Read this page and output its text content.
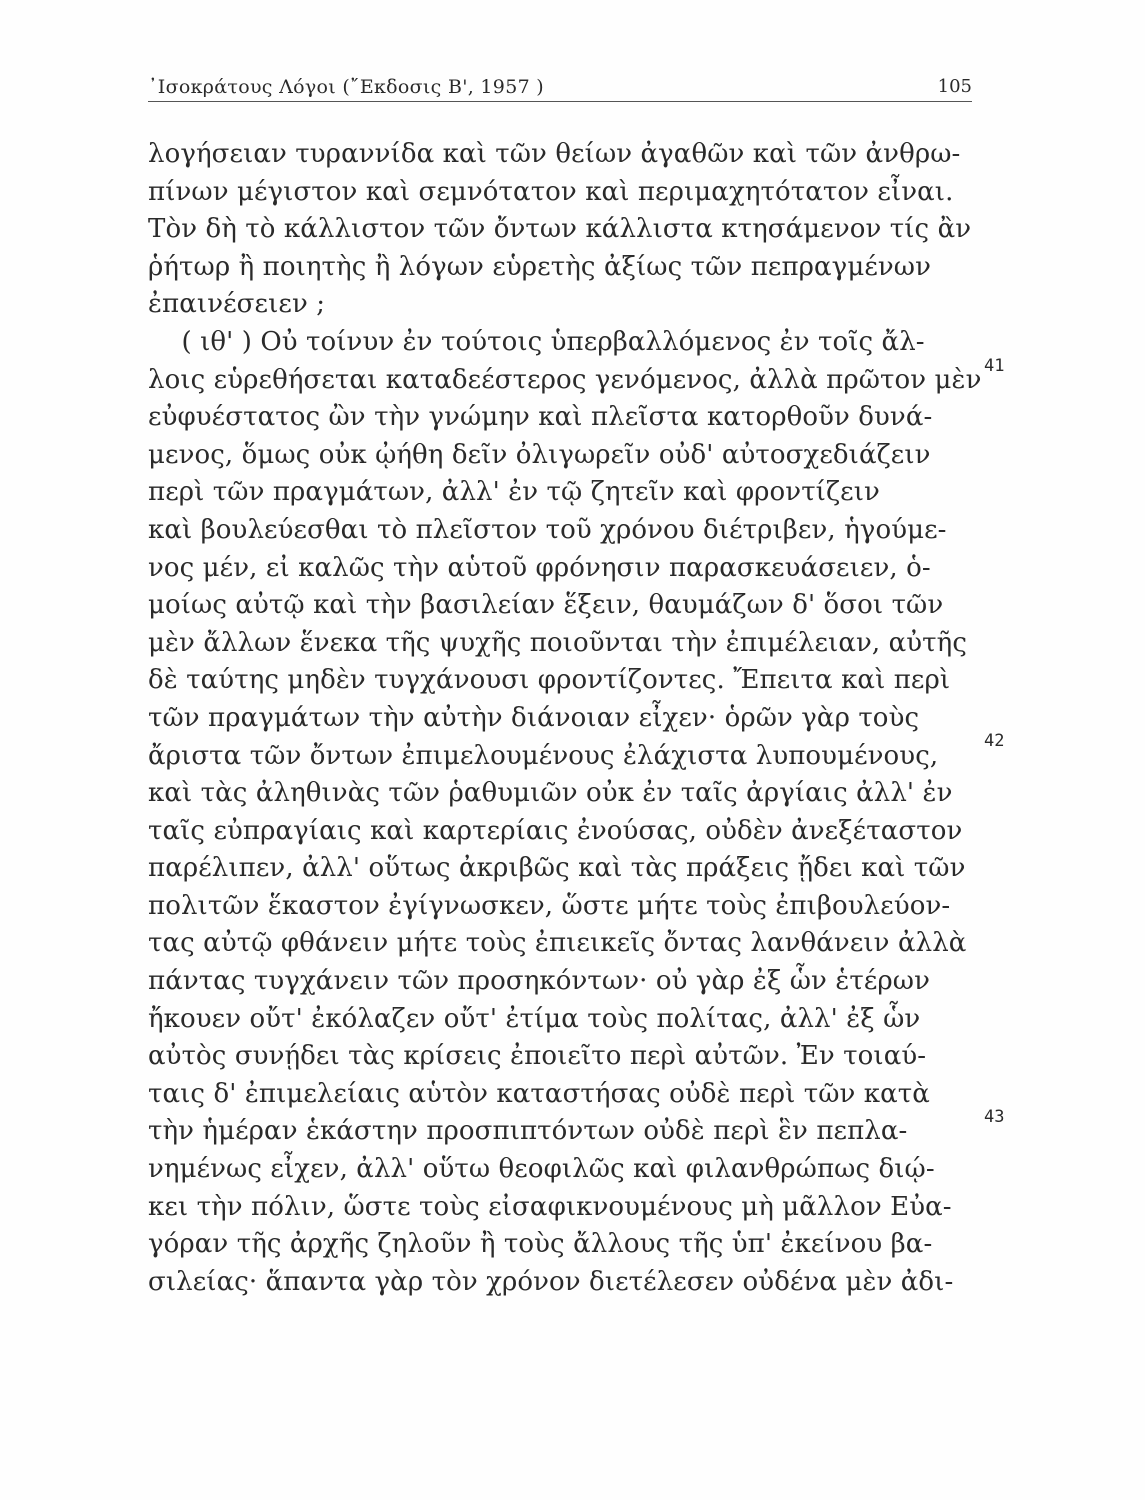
᾿Ισοκράτους Λόγοι (῎Εκδοσις Β', 1957 )	105
λογήσειαν τυραννίδα καὶ τῶν θείων ἀγαθῶν καὶ τῶν ἀνθρω-
πίνων μέγιστον καὶ σεμνότατον καὶ περιμαχητότατον εἶναι.
Τὸν δὴ τὸ κάλλιστον τῶν ὄντων κάλλιστα κτησάμενον τίς ἂν
ῥήτωρ ἢ ποιητὴς ἢ λόγων εὑρετὴς ἀξίως τῶν πεπραγμένων
ἐπαινέσειεν ;
( ιθ' ) Οὐ τοίνυν ἐν τούτοις ὑπερβαλλόμενος ἐν τοῖς ἄλ-
λοις εὑρεθήσεται καταδεέστερος γενόμενος, ἀλλὰ πρῶτον μὲν
εὐφυέστατος ὢν τὴν γνώμην καὶ πλεῖστα κατορθοῦν δυνά-
μενος, ὅμως οὐκ ᾠήθη δεῖν ὀλιγωρεῖν οὐδ' αὐτοσχεδιάζειν
περὶ τῶν πραγμάτων, ἀλλ' ἐν τῷ ζητεῖν καὶ φροντίζειν
καὶ βουλεύεσθαι τὸ πλεῖστον τοῦ χρόνου διέτριβεν, ἡγούμε-
νος μέν, εἰ καλῶς τὴν αὑτοῦ φρόνησιν παρασκευάσειεν, ὁ-
μοίως αὐτῷ καὶ τὴν βασιλείαν ἕξειν, θαυμάζων δ' ὅσοι τῶν
μὲν ἄλλων ἕνεκα τῆς ψυχῆς ποιοῦνται τὴν ἐπιμέλειαν, αὐτῆς
δὲ ταύτης μηδὲν τυγχάνουσι φροντίζοντες. Ἔπειτα καὶ περὶ
τῶν πραγμάτων τὴν αὐτὴν διάνοιαν εἶχεν· ὁρῶν γὰρ τοὺς
ἄριστα τῶν ὄντων ἐπιμελουμένους ἐλάχιστα λυπουμένους,
καὶ τὰς ἀληθινὰς τῶν ῥαθυμιῶν οὐκ ἐν ταῖς ἀργίαις ἀλλ' ἐν
ταῖς εὐπραγίαις καὶ καρτερίαις ἐνούσας, οὐδὲν ἀνεξέταστον
παρέλιπεν, ἀλλ' οὕτως ἀκριβῶς καὶ τὰς πράξεις ᾔδει καὶ τῶν
πολιτῶν ἕκαστον ἐγίγνωσκεν, ὥστε μήτε τοὺς ἐπιβουλεύον-
τας αὐτῷ φθάνειν μήτε τοὺς ἐπιεικεῖς ὄντας λανθάνειν ἀλλὰ
πάντας τυγχάνειν τῶν προσηκόντων· οὐ γὰρ ἐξ ὧν ἑτέρων
ἤκουεν οὔτ' ἐκόλαζεν οὔτ' ἐτίμα τοὺς πολίτας, ἀλλ' ἐξ ὧν
αὐτὸς συνῄδει τὰς κρίσεις ἐποιεῖτο περὶ αὐτῶν. Ἐν τοιαύ-
ταις δ' ἐπιμελείαις αὑτὸν καταστήσας οὐδὲ περὶ τῶν κατὰ
τὴν ἡμέραν ἑκάστην προσπιπτόντων οὐδὲ περὶ ἓν πεπλα-
νημένως εἶχεν, ἀλλ' οὕτω θεοφιλῶς καὶ φιλανθρώπως διῴ-
κει τὴν πόλιν, ὥστε τοὺς εἰσαφικνουμένους μὴ μᾶλλον Εὐα-
γόραν τῆς ἀρχῆς ζηλοῦν ἢ τοὺς ἄλλους τῆς ὑπ' ἐκείνου βα-
σιλείας· ἅπαντα γὰρ τὸν χρόνον διετέλεσεν οὐδένα μὲν ἀδι-
41
42
43
